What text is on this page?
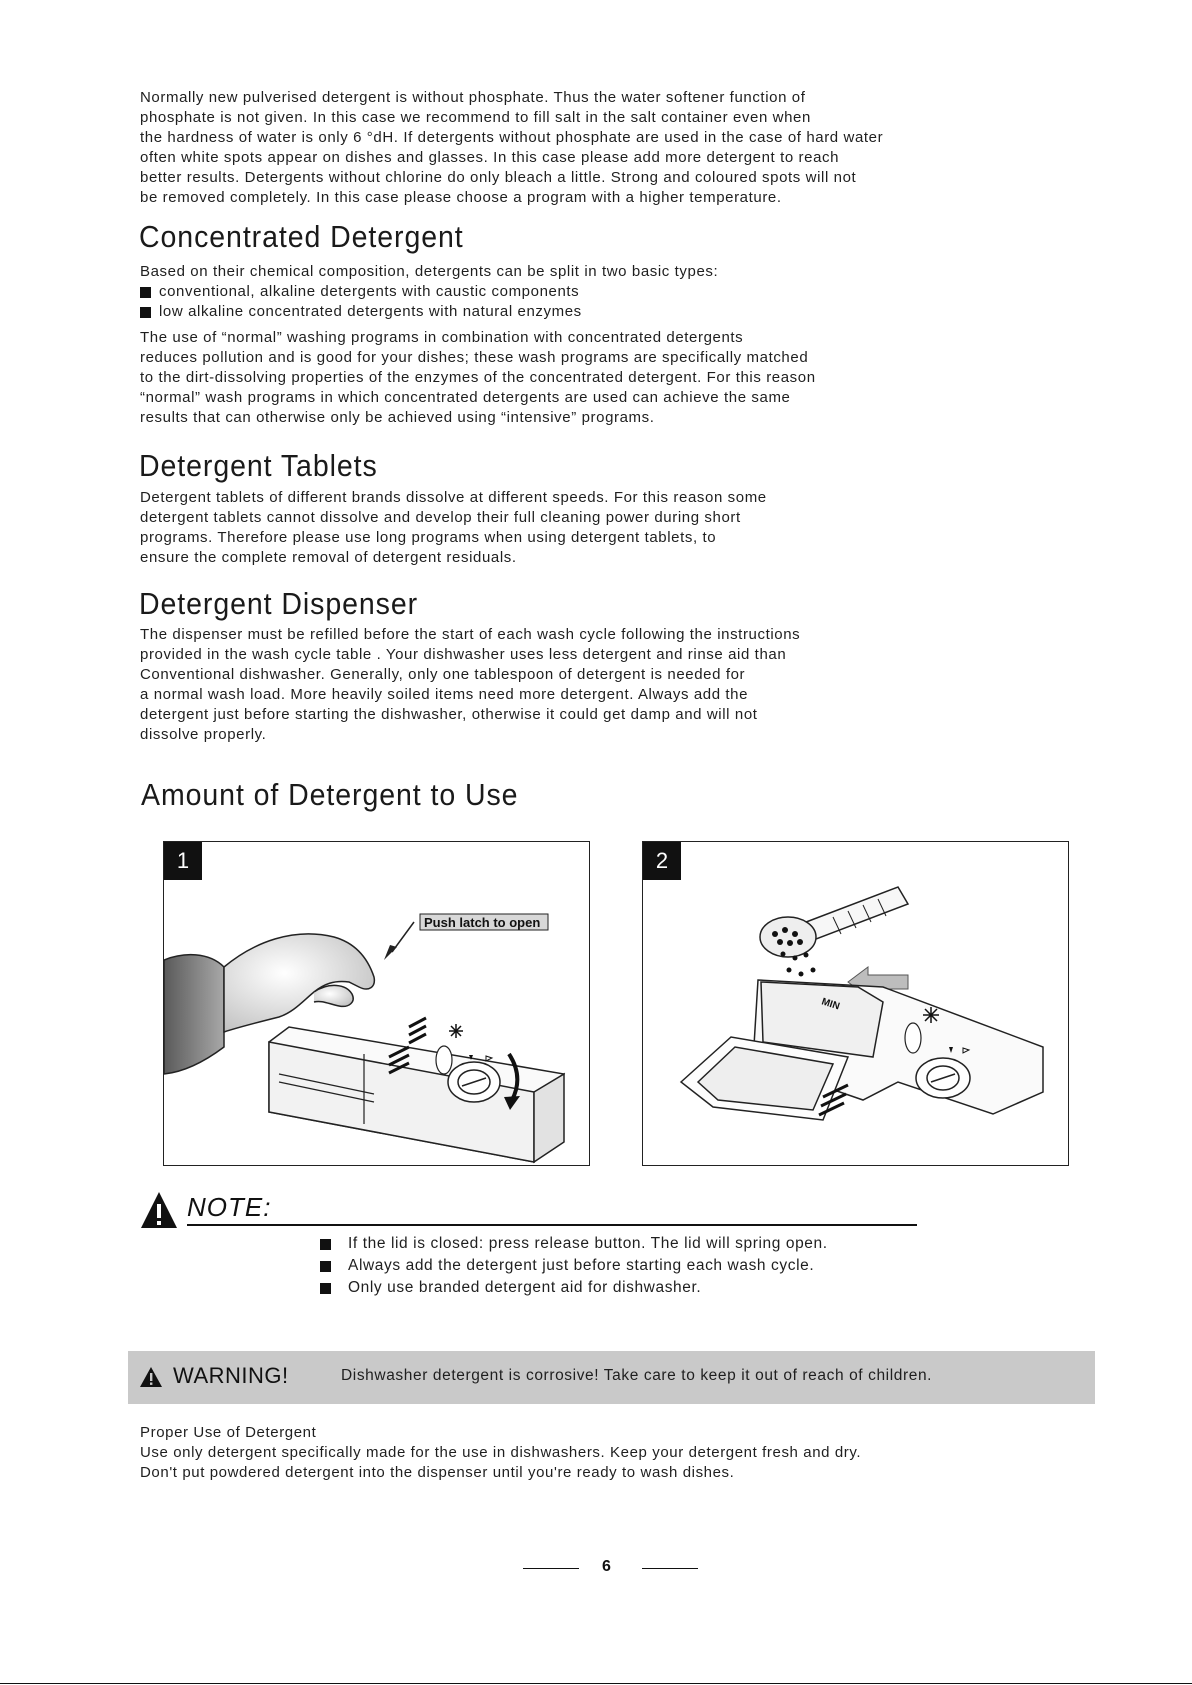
Normally new pulverised detergent is without phosphate. Thus the water softener function of
phosphate is not given. In this case we recommend to fill salt in the salt container even when
the hardness of water is only 6 °dH. If detergents without phosphate are used in the case of hard water
often white spots appear on dishes and glasses. In this case please add more detergent to reach
better results. Detergents without chlorine do only bleach a little. Strong and coloured spots will not
be removed completely. In this case please choose a program with a higher temperature.

Concentrated Detergent

Based on their chemical composition, detergents can be split in two basic types:
conventional, alkaline detergents with caustic components
low alkaline concentrated detergents with natural enzymes

The use of “normal” washing programs in combination with concentrated detergents
reduces pollution and is good for your dishes; these wash programs are specifically matched
to the dirt-dissolving properties of the enzymes of the concentrated detergent. For this reason
“normal” wash programs in which concentrated detergents are used can achieve the same
results that can otherwise only be achieved using “intensive” programs.

Detergent Tablets

Detergent tablets of different brands dissolve at different speeds. For this reason some
detergent tablets cannot dissolve and develop their full cleaning power during short
programs. Therefore please use long programs when using detergent tablets, to
ensure the complete removal of detergent residuals.

Detergent Dispenser

The dispenser must be refilled before the start of each wash cycle following the instructions
provided in the wash cycle table . Your dishwasher uses less detergent and rinse aid than
Conventional dishwasher. Generally, only one tablespoon of detergent is needed for
a normal wash load. More heavily soiled items need more detergent. Always add the
detergent just before starting the dishwasher, otherwise it could get damp and will not
dissolve properly.

Amount of Detergent to Use
1
Push latch to open
2
MIN
NOTE:
If the lid is closed: press release button. The lid will spring open.
Always add the detergent just before starting each wash cycle.
Only use branded detergent aid for dishwasher.
WARNING!	Dishwasher detergent is corrosive! Take care to keep it out of reach of children.

Proper Use of Detergent
Use only detergent specifically made for the use in dishwashers. Keep your detergent fresh and dry.
Don't put powdered detergent into the dispenser until you're ready to wash dishes.

6
